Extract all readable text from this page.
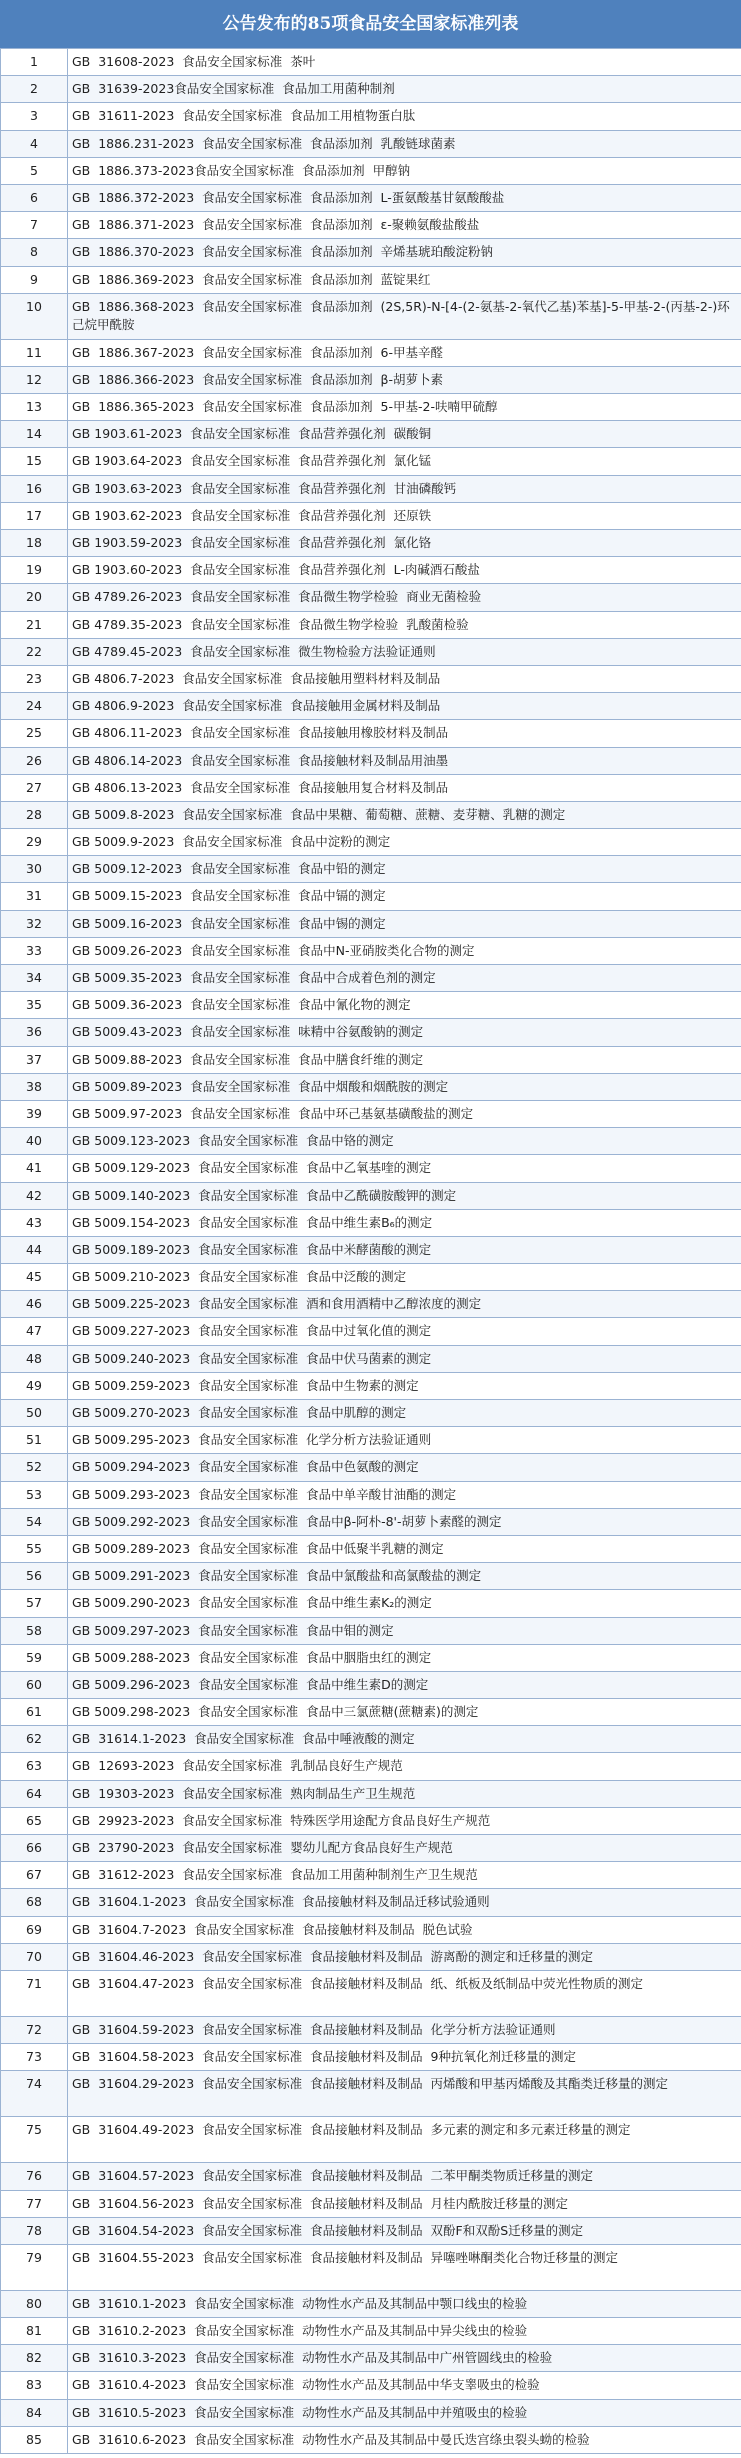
公告发布的85项食品安全国家标准列表
1	GB  31608-2023  食品安全国家标准  茶叶
2	GB  31639-2023食品安全国家标准  食品加工用菌种制剂
3	GB  31611-2023  食品安全国家标准  食品加工用植物蛋白肽
4	GB  1886.231-2023  食品安全国家标准  食品添加剂  乳酸链球菌素
5	GB  1886.373-2023食品安全国家标准  食品添加剂  甲醇钠
6	GB  1886.372-2023  食品安全国家标准  食品添加剂  L-蛋氨酸基甘氨酸酸盐
7	GB  1886.371-2023  食品安全国家标准  食品添加剂  ε-聚赖氨酸盐酸盐
8	GB  1886.370-2023  食品安全国家标准  食品添加剂  辛烯基琥珀酸淀粉钠
9	GB  1886.369-2023  食品安全国家标准  食品添加剂  蓝锭果红
10	GB  1886.368-2023  食品安全国家标准  食品添加剂  (2S,5R)-N-[4-(2-氨基-2-氧代乙基)苯基]-5-甲基-2-(丙基-2-)环己烷甲酰胺
11	GB  1886.367-2023  食品安全国家标准  食品添加剂  6-甲基辛醛
12	GB  1886.366-2023  食品安全国家标准  食品添加剂  β-胡萝卜素
13	GB  1886.365-2023  食品安全国家标准  食品添加剂  5-甲基-2-呋喃甲硫醇
14	GB 1903.61-2023  食品安全国家标准  食品营养强化剂  碳酸铜
15	GB 1903.64-2023  食品安全国家标准  食品营养强化剂  氯化锰
16	GB 1903.63-2023  食品安全国家标准  食品营养强化剂  甘油磷酸钙
17	GB 1903.62-2023  食品安全国家标准  食品营养强化剂  还原铁
18	GB 1903.59-2023  食品安全国家标准  食品营养强化剂  氯化铬
19	GB 1903.60-2023  食品安全国家标准  食品营养强化剂  L-肉碱酒石酸盐
20	GB 4789.26-2023  食品安全国家标准  食品微生物学检验  商业无菌检验
21	GB 4789.35-2023  食品安全国家标准  食品微生物学检验  乳酸菌检验
22	GB 4789.45-2023  食品安全国家标准  微生物检验方法验证通则
23	GB 4806.7-2023  食品安全国家标准  食品接触用塑料材料及制品
24	GB 4806.9-2023  食品安全国家标准  食品接触用金属材料及制品
25	GB 4806.11-2023  食品安全国家标准  食品接触用橡胶材料及制品
26	GB 4806.14-2023  食品安全国家标准  食品接触材料及制品用油墨
27	GB 4806.13-2023  食品安全国家标准  食品接触用复合材料及制品
28	GB 5009.8-2023  食品安全国家标准  食品中果糖、葡萄糖、蔗糖、麦芽糖、乳糖的测定
29	GB 5009.9-2023  食品安全国家标准  食品中淀粉的测定
30	GB 5009.12-2023  食品安全国家标准  食品中铅的测定
31	GB 5009.15-2023  食品安全国家标准  食品中镉的测定
32	GB 5009.16-2023  食品安全国家标准  食品中锡的测定
33	GB 5009.26-2023  食品安全国家标准  食品中N-亚硝胺类化合物的测定
34	GB 5009.35-2023  食品安全国家标准  食品中合成着色剂的测定
35	GB 5009.36-2023  食品安全国家标准  食品中氰化物的测定
36	GB 5009.43-2023  食品安全国家标准  味精中谷氨酸钠的测定
37	GB 5009.88-2023  食品安全国家标准  食品中膳食纤维的测定
38	GB 5009.89-2023  食品安全国家标准  食品中烟酸和烟酰胺的测定
39	GB 5009.97-2023  食品安全国家标准  食品中环己基氨基磺酸盐的测定
40	GB 5009.123-2023  食品安全国家标准  食品中铬的测定
41	GB 5009.129-2023  食品安全国家标准  食品中乙氧基喹的测定
42	GB 5009.140-2023  食品安全国家标准  食品中乙酰磺胺酸钾的测定
43	GB 5009.154-2023  食品安全国家标准  食品中维生素B₆的测定
44	GB 5009.189-2023  食品安全国家标准  食品中米酵菌酸的测定
45	GB 5009.210-2023  食品安全国家标准  食品中泛酸的测定
46	GB 5009.225-2023  食品安全国家标准  酒和食用酒精中乙醇浓度的测定
47	GB 5009.227-2023  食品安全国家标准  食品中过氧化值的测定
48	GB 5009.240-2023  食品安全国家标准  食品中伏马菌素的测定
49	GB 5009.259-2023  食品安全国家标准  食品中生物素的测定
50	GB 5009.270-2023  食品安全国家标准  食品中肌醇的测定
51	GB 5009.295-2023  食品安全国家标准  化学分析方法验证通则
52	GB 5009.294-2023  食品安全国家标准  食品中色氨酸的测定
53	GB 5009.293-2023  食品安全国家标准  食品中单辛酸甘油酯的测定
54	GB 5009.292-2023  食品安全国家标准  食品中β-阿朴-8'-胡萝卜素醛的测定
55	GB 5009.289-2023  食品安全国家标准  食品中低聚半乳糖的测定
56	GB 5009.291-2023  食品安全国家标准  食品中氯酸盐和高氯酸盐的测定
57	GB 5009.290-2023  食品安全国家标准  食品中维生素K₂的测定
58	GB 5009.297-2023  食品安全国家标准  食品中钼的测定
59	GB 5009.288-2023  食品安全国家标准  食品中胭脂虫红的测定
60	GB 5009.296-2023  食品安全国家标准  食品中维生素D的测定
61	GB 5009.298-2023  食品安全国家标准  食品中三氯蔗糖(蔗糖素)的测定
62	GB  31614.1-2023  食品安全国家标准  食品中唾液酸的测定
63	GB  12693-2023  食品安全国家标准  乳制品良好生产规范
64	GB  19303-2023  食品安全国家标准  熟肉制品生产卫生规范
65	GB  29923-2023  食品安全国家标准  特殊医学用途配方食品良好生产规范
66	GB  23790-2023  食品安全国家标准  婴幼儿配方食品良好生产规范
67	GB  31612-2023  食品安全国家标准  食品加工用菌种制剂生产卫生规范
68	GB  31604.1-2023  食品安全国家标准  食品接触材料及制品迁移试验通则
69	GB  31604.7-2023  食品安全国家标准  食品接触材料及制品  脱色试验
70	GB  31604.46-2023  食品安全国家标准  食品接触材料及制品  游离酚的测定和迁移量的测定
71	GB  31604.47-2023  食品安全国家标准  食品接触材料及制品  纸、纸板及纸制品中荧光性物质的测定
72	GB  31604.59-2023  食品安全国家标准  食品接触材料及制品  化学分析方法验证通则
73	GB  31604.58-2023  食品安全国家标准  食品接触材料及制品  9种抗氧化剂迁移量的测定
74	GB  31604.29-2023  食品安全国家标准  食品接触材料及制品  丙烯酸和甲基丙烯酸及其酯类迁移量的测定
75	GB  31604.49-2023  食品安全国家标准  食品接触材料及制品  多元素的测定和多元素迁移量的测定
76	GB  31604.57-2023  食品安全国家标准  食品接触材料及制品  二苯甲酮类物质迁移量的测定
77	GB  31604.56-2023  食品安全国家标准  食品接触材料及制品  月桂内酰胺迁移量的测定
78	GB  31604.54-2023  食品安全国家标准  食品接触材料及制品  双酚F和双酚S迁移量的测定
79	GB  31604.55-2023  食品安全国家标准  食品接触材料及制品  异噻唑啉酮类化合物迁移量的测定
80	GB  31610.1-2023  食品安全国家标准  动物性水产品及其制品中颚口线虫的检验
81	GB  31610.2-2023  食品安全国家标准  动物性水产品及其制品中异尖线虫的检验
82	GB  31610.3-2023  食品安全国家标准  动物性水产品及其制品中广州管圆线虫的检验
83	GB  31610.4-2023  食品安全国家标准  动物性水产品及其制品中华支睾吸虫的检验
84	GB  31610.5-2023  食品安全国家标准  动物性水产品及其制品中并殖吸虫的检验
85	GB  31610.6-2023  食品安全国家标准  动物性水产品及其制品中曼氏迭宫绦虫裂头蚴的检验
